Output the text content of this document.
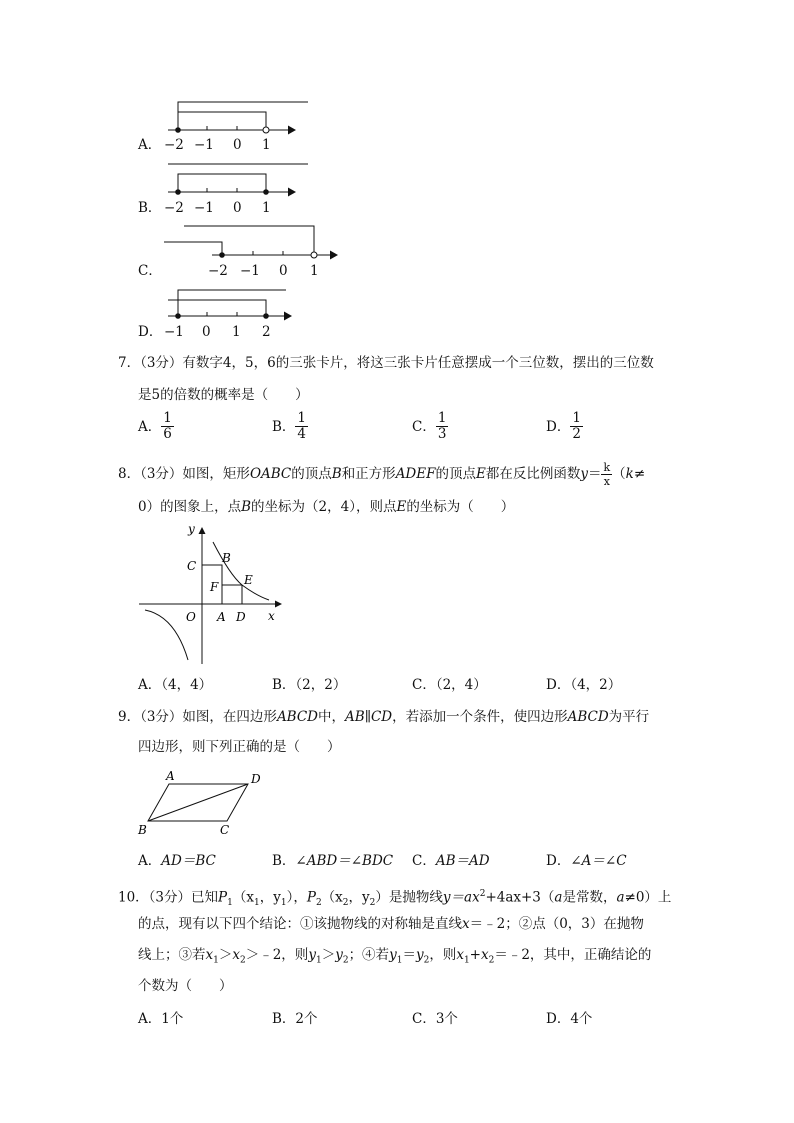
A． −2 −1 0 1
B． −2 −1 0 1
C．	−2 −1 0 1
D． −1 0 1 2
7．（3分）有数字4，5，6的三张卡片，将这三张卡片任意摆成一个三位数，摆出的三位数
是5的倍数的概率是（　　）
A． $\frac{1}{6}$	B． $\frac{1}{4}$	C． $\frac{1}{3}$	D． $\frac{1}{2}$
8．（3分）如图，矩形OABC的顶点B和正方形ADEF的顶点E都在反比例函数$y= \frac{k}{x} (k\ne$
0）的图象上，点B的坐标为（2，4），则点E的坐标为（　　）
y
x
O
C
B
F E
A D
A．（4，4）	B．（2，2）	C．（2，4）	D．（4，2）
9．（3分）如图，在四边形ABCD中，AB∥CD，若添加一个条件，使四边形ABCD为平行
四边形，则下列正确的是（　　）
A	D
B	C
A．AD＝BC	B．∠ABD＝∠BDC C．AB＝AD	D．∠A＝∠C
10．（3分）已知$P_1(x_1$，$y_1$），$P_2(x_2$，$y_2$）是抛物线$y=ax^2+4ax+3(a$是常数，a≠0）上
的点，现有以下四个结论：①该抛物线的对称轴是直线x＝﹣2；②点（0，3）在抛物
线上；③若$x_1>x_2>﹣2$，则$y_1>y_2$；④若$y_1=y_2$，则$x_1+x_2=﹣2$，其中，正确结论的
个数为（　　）
A．1个	B．2个	C．3个	D．4个
